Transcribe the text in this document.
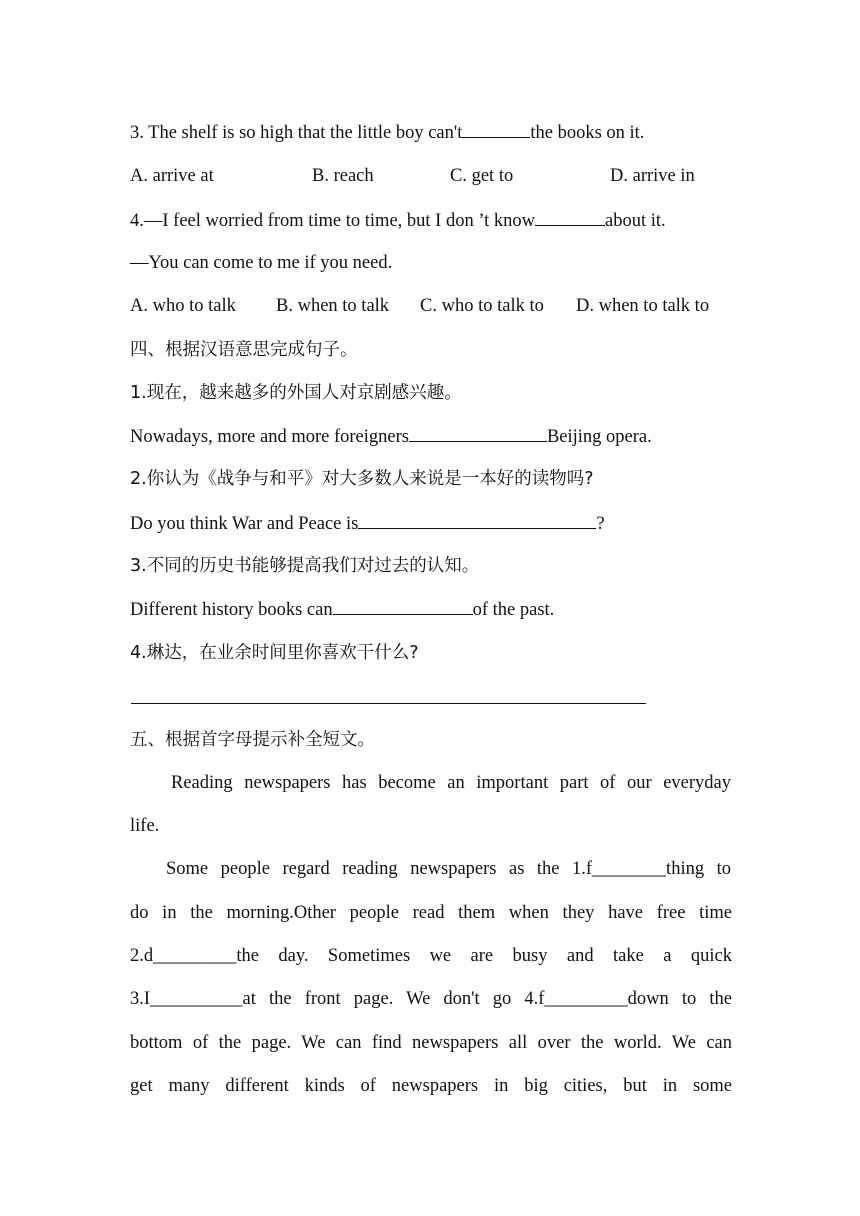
3. The shelf is so high that the little boy can't	the books on it.
A. arrive at	B. reach	C. get to	D. arrive in
4.—I feel worried from time to time, but I don ’t know	about it.
—You can come to me if you need.
A. who to talk B. when to talk C. who to talk to D. when to talk to
四、根据汉语意思完成句子。
1.现在，越来越多的外国人对京剧感兴趣。
Nowadays, more and more foreigners	Beijing opera.
2.你认为《战争与和平》对大多数人来说是一本好的读物吗?
Do you think War and Peace is	?
3.不同的历史书能够提高我们对过去的认知。
Different history books can	of the past.
4.琳达，在业余时间里你喜欢干什么?
五、根据首字母提示补全短文。
Reading newspapers has become an important part of our everyday
life.
Some people regard reading newspapers as the 1.f________thing to
do in the morning.Other people read them when they have free time
2.d_________the day. Sometimes we are busy and take a quick
3.I__________at the front page. We don't go 4.f_________down to the
bottom of the page. We can find newspapers all over the world. We can
get many different kinds of newspapers in big cities, but in some
